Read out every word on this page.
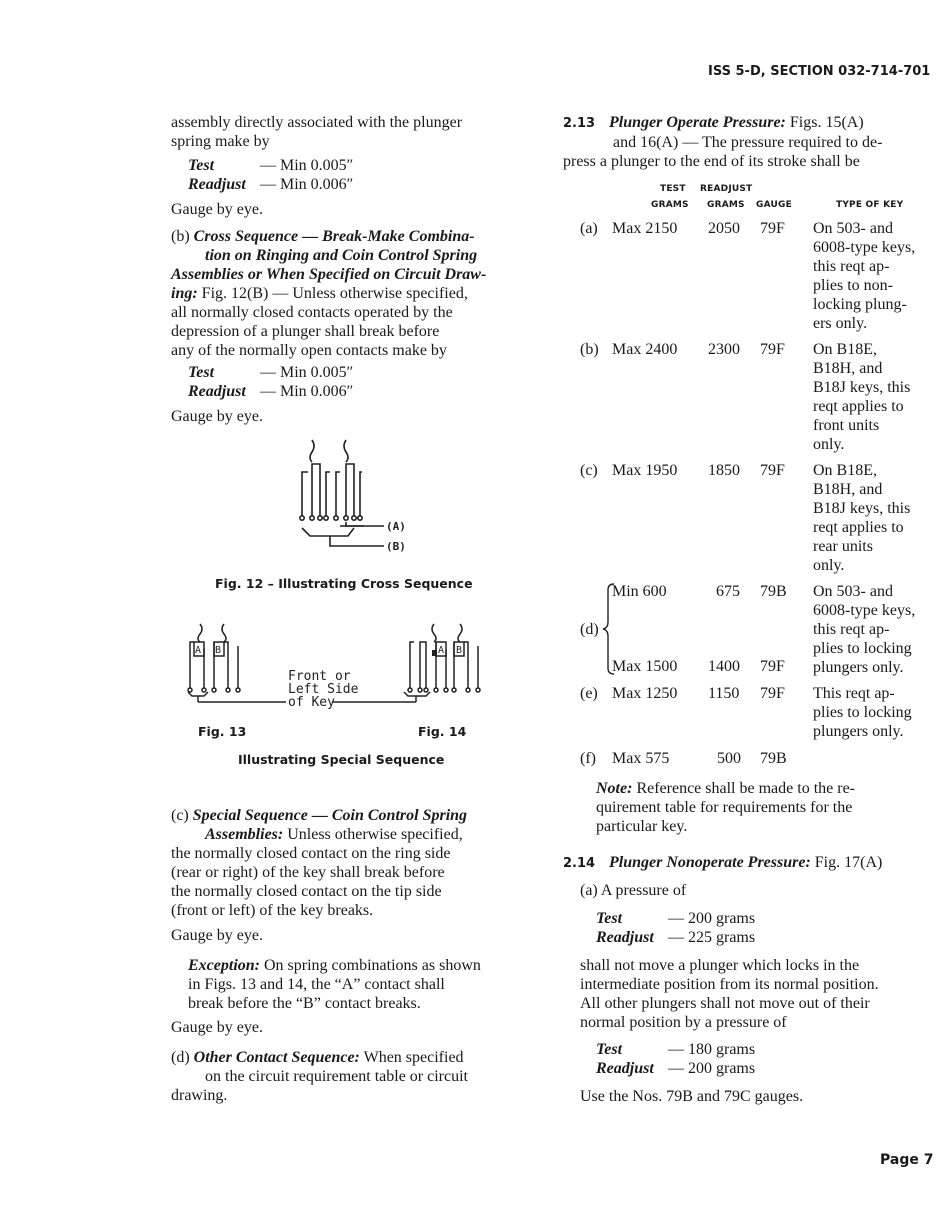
ISS 5-D, SECTION 032-714-701
assembly directly associated with the plunger
spring make by
Test	— Min 0.005″
Readjust — Min 0.006″
Gauge by eye.
(b) Cross Sequence — Break-Make Combina-
tion on Ringing and Coin Control Spring
Assemblies or When Specified on Circuit Draw-
ing: Fig. 12(B) — Unless otherwise specified,
all normally closed contacts operated by the
depression of a plunger shall break before
any of the normally open contacts make by
Test	— Min 0.005″
Readjust — Min 0.006″
Gauge by eye.
(A)
(B)
Fig. 12 – Illustrating Cross Sequence
A B	A B
Front or
Left Side
of Key
Fig. 13	Fig. 14
Illustrating Special Sequence
(c) Special Sequence — Coin Control Spring
Assemblies: Unless otherwise specified,
the normally closed contact on the ring side
(rear or right) of the key shall break before
the normally closed contact on the tip side
(front or left) of the key breaks.
Gauge by eye.
Exception: On spring combinations as shown
in Figs. 13 and 14, the “A” contact shall
break before the “B” contact breaks.
Gauge by eye.
(d) Other Contact Sequence: When specified
on the circuit requirement table or circuit
drawing.
2.13 Plunger Operate Pressure: Figs. 15(A)
and 16(A) — The pressure required to de-
press a plunger to the end of its stroke shall be
TEST READJUST
GRAMS GRAMS GAUGE	TYPE OF KEY
(a) Max 2150 2050 79F On 503- and
6008-type keys,
this reqt ap-
plies to non-
locking plung-
ers only.
(b) Max 2400 2300 79F On B18E,
B18H, and
B18J keys, this
reqt applies to
front units
only.
(c) Max 1950 1850 79F On B18E,
B18H, and
B18J keys, this
reqt applies to
rear units
only.
(d)
Min 600	675 79B
Max 1500 1400 79F
On 503- and
6008-type keys,
this reqt ap-
plies to locking
plungers only.
(e) Max 1250 1150 79F This reqt ap-
plies to locking
plungers only.
(f) Max 575	500 79B
Note: Reference shall be made to the re-
quirement table for requirements for the
particular key.
2.14 Plunger Nonoperate Pressure: Fig. 17(A)
(a) A pressure of
Test	— 200 grams
Readjust — 225 grams
shall not move a plunger which locks in the
intermediate position from its normal position.
All other plungers shall not move out of their
normal position by a pressure of
Test	— 180 grams
Readjust — 200 grams
Use the Nos. 79B and 79C gauges.
Page 7
